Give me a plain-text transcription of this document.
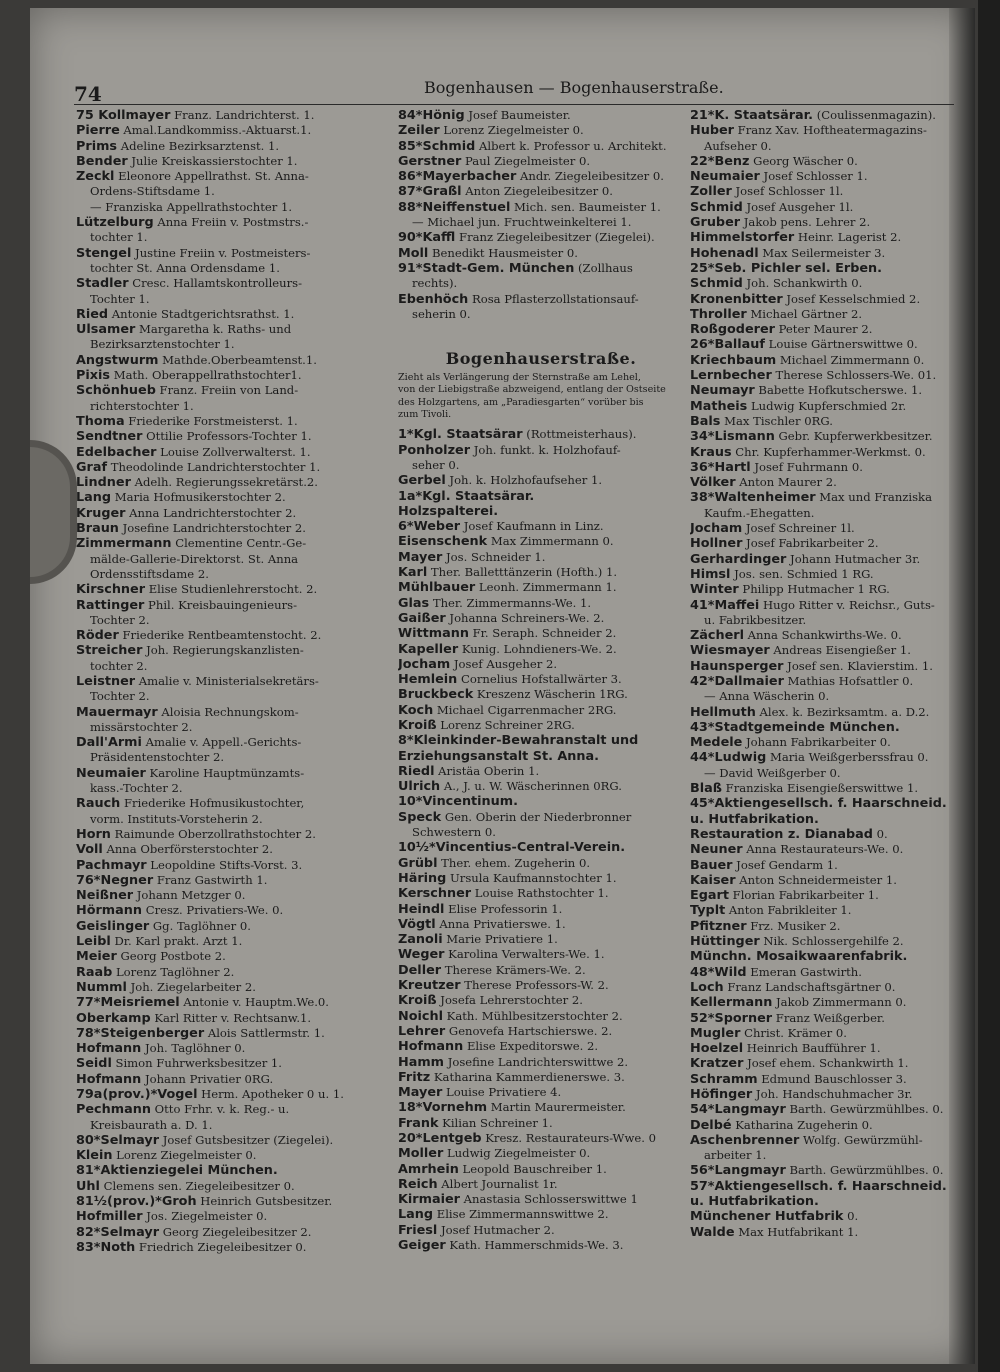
74	Bogenhausen — Bogenhauserstraße.
75 Kollmayer Franz. Landrichterst. 1.
Pierre Amal.Landkommiss.-Aktuarst.1.
Prims Adeline Bezirksarztenst. 1.
Bender Julie Kreiskassierstochter 1.
Zeckl Eleonore Appellrathst. St. Anna-
Ordens-Stiftsdame 1.
— Franziska Appellrathstochter 1.
Lützelburg Anna Freiin v. Postmstrs.-
tochter 1.
Stengel Justine Freiin v. Postmeisters-
tochter St. Anna Ordensdame 1.
Stadler Cresc. Hallamtskontrolleurs-
Tochter 1.
Ried Antonie Stadtgerichtsrathst. 1.
Ulsamer Margaretha k. Raths- und
Bezirksarztenstochter 1.
Angstwurm Mathde.Oberbeamtenst.1.
Pixis Math. Oberappellrathstochter1.
Schönhueb Franz. Freiin von Land-
richterstochter 1.
Thoma Friederike Forstmeisterst. 1.
Sendtner Ottilie Professors-Tochter 1.
Edelbacher Louise Zollverwalterst. 1.
Graf Theodolinde Landrichterstochter 1.
Lindner Adelh. Regierungssekretärst.2.
Lang Maria Hofmusikerstochter 2.
Kruger Anna Landrichterstochter 2.
Braun Josefine Landrichterstochter 2.
Zimmermann Clementine Centr.-Ge-
mälde-Gallerie-Direktorst. St. Anna
Ordensstiftsdame 2.
Kirschner Elise Studienlehrerstocht. 2.
Rattinger Phil. Kreisbauingenieurs-
Tochter 2.
Röder Friederike Rentbeamtenstocht. 2.
Streicher Joh. Regierungskanzlisten-
tochter 2.
Leistner Amalie v. Ministerialsekretärs-
Tochter 2.
Mauermayr Aloisia Rechnungskom-
missärstochter 2.
Dall'Armi Amalie v. Appell.-Gerichts-
Präsidentenstochter 2.
Neumaier Karoline Hauptmünzamts-
kass.-Tochter 2.
Rauch Friederike Hofmusikustochter,
vorm. Instituts-Vorsteherin 2.
Horn Raimunde Oberzollrathstochter 2.
Voll Anna Oberförsterstochter 2.
Pachmayr Leopoldine Stifts-Vorst. 3.
76*Negner Franz Gastwirth 1.
Neißner Johann Metzger 0.
Hörmann Cresz. Privatiers-We. 0.
Geislinger Gg. Taglöhner 0.
Leibl Dr. Karl prakt. Arzt 1.
Meier Georg Postbote 2.
Raab Lorenz Taglöhner 2.
Numml Joh. Ziegelarbeiter 2.
77*Meisriemel Antonie v. Hauptm.We.0.
Oberkamp Karl Ritter v. Rechtsanw.1.
78*Steigenberger Alois Sattlermstr. 1.
Hofmann Joh. Taglöhner 0.
Seidl Simon Fuhrwerksbesitzer 1.
Hofmann Johann Privatier 0RG.
79a(prov.)*Vogel Herm. Apotheker 0 u. 1.
Pechmann Otto Frhr. v. k. Reg.- u.
Kreisbaurath a. D. 1.
80*Selmayr Josef Gutsbesitzer (Ziegelei).
Klein Lorenz Ziegelmeister 0.
81*Aktienziegelei München.
Uhl Clemens sen. Ziegeleibesitzer 0.
81½(prov.)*Groh Heinrich Gutsbesitzer.
Hofmiller Jos. Ziegelmeister 0.
82*Selmayr Georg Ziegeleibesitzer 2.
83*Noth Friedrich Ziegeleibesitzer 0.
84*Hönig Josef Baumeister.
Zeiler Lorenz Ziegelmeister 0.
85*Schmid Albert k. Professor u. Architekt.
Gerstner Paul Ziegelmeister 0.
86*Mayerbacher Andr. Ziegeleibesitzer 0.
87*Graßl Anton Ziegeleibesitzer 0.
88*Neiffenstuel Mich. sen. Baumeister 1.
— Michael jun. Fruchtweinkelterei 1.
90*Kaffl Franz Ziegeleibesitzer (Ziegelei).
Moll Benedikt Hausmeister 0.
91*Stadt-Gem. München (Zollhaus
rechts).
Ebenhöch Rosa Pflasterzollstationsauf-
seherin 0.
Bogenhauserstraße.
Zieht als Verlängerung der Sternstraße am Lehel,
von der Liebigstraße abzweigend, entlang der Ostseite
des Holzgartens, am „Paradiesgarten“ vorüber bis
zum Tivoli.
1*Kgl. Staatsärar (Rottmeisterhaus).
Ponholzer Joh. funkt. k. Holzhofauf-
seher 0.
Gerbel Joh. k. Holzhofaufseher 1.
1a*Kgl. Staatsärar.
Holzspalterei.
6*Weber Josef Kaufmann in Linz.
Eisenschenk Max Zimmermann 0.
Mayer Jos. Schneider 1.
Karl Ther. Balletttänzerin (Hofth.) 1.
Mühlbauer Leonh. Zimmermann 1.
Glas Ther. Zimmermanns-We. 1.
Gaißer Johanna Schreiners-We. 2.
Wittmann Fr. Seraph. Schneider 2.
Kapeller Kunig. Lohndieners-We. 2.
Jocham Josef Ausgeher 2.
Hemlein Cornelius Hofstallwärter 3.
Bruckbeck Kreszenz Wäscherin 1RG.
Koch Michael Cigarrenmacher 2RG.
Kroiß Lorenz Schreiner 2RG.
8*Kleinkinder-Bewahranstalt und
Erziehungsanstalt St. Anna.
Riedl Aristäa Oberin 1.
Ulrich A., J. u. W. Wäscherinnen 0RG.
10*Vincentinum.
Speck Gen. Oberin der Niederbronner
Schwestern 0.
10½*Vincentius-Central-Verein.
Grübl Ther. ehem. Zugeherin 0.
Häring Ursula Kaufmannstochter 1.
Kerschner Louise Rathstochter 1.
Heindl Elise Professorin 1.
Vögtl Anna Privatierswe. 1.
Zanoli Marie Privatiere 1.
Weger Karolina Verwalters-We. 1.
Deller Therese Krämers-We. 2.
Kreutzer Therese Professors-W. 2.
Kroiß Josefa Lehrerstochter 2.
Noichl Kath. Mühlbesitzerstochter 2.
Lehrer Genovefa Hartschierswe. 2.
Hofmann Elise Expeditorswe. 2.
Hamm Josefine Landrichterswittwe 2.
Fritz Katharina Kammerdienerswe. 3.
Mayer Louise Privatiere 4.
18*Vornehm Martin Maurermeister.
Frank Kilian Schreiner 1.
20*Lentgeb Kresz. Restaurateurs-Wwe. 0
Moller Ludwig Ziegelmeister 0.
Amrhein Leopold Bauschreiber 1.
Reich Albert Journalist 1r.
Kirmaier Anastasia Schlosserswittwe 1
Lang Elise Zimmermannswittwe 2.
Friesl Josef Hutmacher 2.
Geiger Kath. Hammerschmids-We. 3.
21*K. Staatsärar. (Coulissenmagazin).
Huber Franz Xav. Hoftheatermagazins-
Aufseher 0.
22*Benz Georg Wäscher 0.
Neumaier Josef Schlosser 1.
Zoller Josef Schlosser 1l.
Schmid Josef Ausgeher 1l.
Gruber Jakob pens. Lehrer 2.
Himmelstorfer Heinr. Lagerist 2.
Hohenadl Max Seilermeister 3.
25*Seb. Pichler sel. Erben.
Schmid Joh. Schankwirth 0.
Kronenbitter Josef Kesselschmied 2.
Throller Michael Gärtner 2.
Roßgoderer Peter Maurer 2.
26*Ballauf Louise Gärtnerswittwe 0.
Kriechbaum Michael Zimmermann 0.
Lernbecher Therese Schlossers-We. 01.
Neumayr Babette Hofkutscherswe. 1.
Matheis Ludwig Kupferschmied 2r.
Bals Max Tischler 0RG.
34*Lismann Gebr. Kupferwerkbesitzer.
Kraus Chr. Kupferhammer-Werkmst. 0.
36*Hartl Josef Fuhrmann 0.
Völker Anton Maurer 2.
38*Waltenheimer Max und Franziska
Kaufm.-Ehegatten.
Jocham Josef Schreiner 1l.
Hollner Josef Fabrikarbeiter 2.
Gerhardinger Johann Hutmacher 3r.
Himsl Jos. sen. Schmied 1 RG.
Winter Philipp Hutmacher 1 RG.
41*Maffei Hugo Ritter v. Reichsr., Guts-
u. Fabrikbesitzer.
Zächerl Anna Schankwirths-We. 0.
Wiesmayer Andreas Eisengießer 1.
Haunsperger Josef sen. Klavierstim. 1.
42*Dallmaier Mathias Hofsattler 0.
— Anna Wäscherin 0.
Hellmuth Alex. k. Bezirksamtm. a. D.2.
43*Stadtgemeinde München.
Medele Johann Fabrikarbeiter 0.
44*Ludwig Maria Weißgerberssfrau 0.
— David Weißgerber 0.
Blaß Franziska Eisengießerswittwe 1.
45*Aktiengesellsch. f. Haarschneid.
u. Hutfabrikation.
Restauration z. Dianabad 0.
Neuner Anna Restaurateurs-We. 0.
Bauer Josef Gendarm 1.
Kaiser Anton Schneidermeister 1.
Egart Florian Fabrikarbeiter 1.
Typlt Anton Fabrikleiter 1.
Pfitzner Frz. Musiker 2.
Hüttinger Nik. Schlossergehilfe 2.
Münchn. Mosaikwaarenfabrik.
48*Wild Emeran Gastwirth.
Loch Franz Landschaftsgärtner 0.
Kellermann Jakob Zimmermann 0.
52*Sporner Franz Weißgerber.
Mugler Christ. Krämer 0.
Hoelzel Heinrich Baufführer 1.
Kratzer Josef ehem. Schankwirth 1.
Schramm Edmund Bauschlosser 3.
Höfinger Joh. Handschuhmacher 3r.
54*Langmayr Barth. Gewürzmühlbes. 0.
Delbé Katharina Zugeherin 0.
Aschenbrenner Wolfg. Gewürzmühl-
arbeiter 1.
56*Langmayr Barth. Gewürzmühlbes. 0.
57*Aktiengesellsch. f. Haarschneid.
u. Hutfabrikation.
Münchener Hutfabrik 0.
Walde Max Hutfabrikant 1.
